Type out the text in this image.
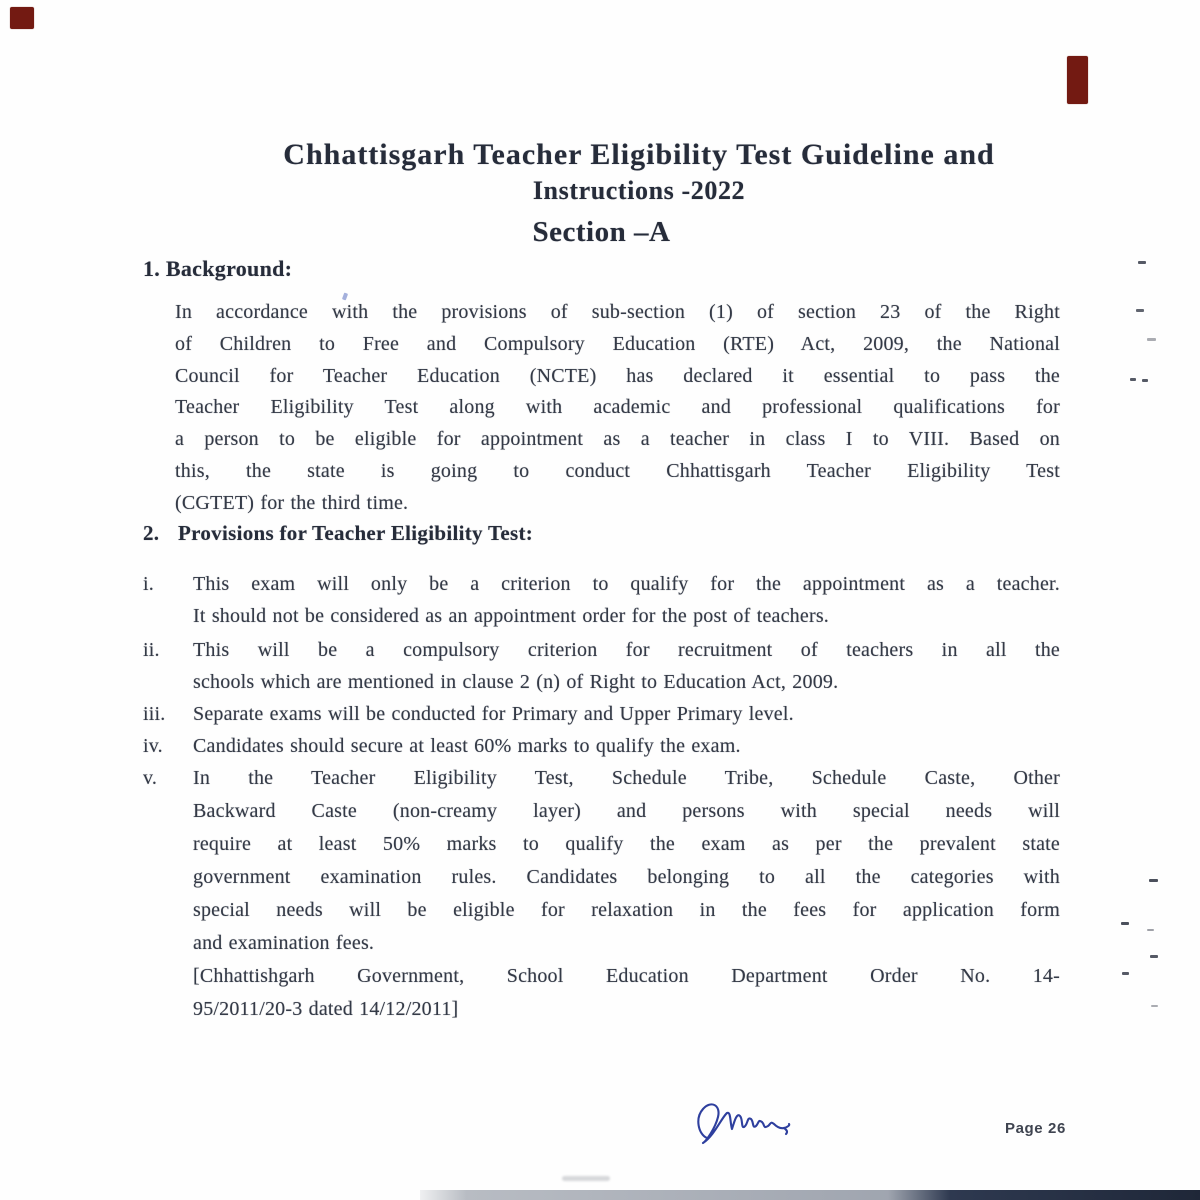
Chhattisgarh Teacher Eligibility Test Guideline and
Instructions -2022
Section –A
1. Background:
In accordance with the provisions of sub-section (1) of section 23 of the Right
of Children to Free and Compulsory Education (RTE) Act, 2009, the National
Council for Teacher Education (NCTE) has declared it essential to pass the
Teacher Eligibility Test along with academic and professional qualifications for
a person to be eligible for appointment as a teacher in class I to VIII. Based on
this, the state is going to conduct Chhattisgarh Teacher Eligibility Test
(CGTET) for the third time.
2. Provisions for Teacher Eligibility Test:
i.	This exam will only be a criterion to qualify for the appointment as a teacher.
It should not be considered as an appointment order for the post of teachers.
ii.	This will be a compulsory criterion for recruitment of teachers in all the
schools which are mentioned in clause 2 (n) of Right to Education Act, 2009.
iii.	Separate exams will be conducted for Primary and Upper Primary level.
iv.	Candidates should secure at least 60% marks to qualify the exam.
v.	In the Teacher Eligibility Test, Schedule Tribe, Schedule Caste, Other
Backward Caste (non-creamy layer) and persons with special needs will
require at least 50% marks to qualify the exam as per the prevalent state
government examination rules. Candidates belonging to all the categories with
special needs will be eligible for relaxation in the fees for application form
and examination fees.
[Chhattishgarh Government, School Education Department Order No. 14-
95/2011/20-3 dated 14/12/2011]
Page 26
